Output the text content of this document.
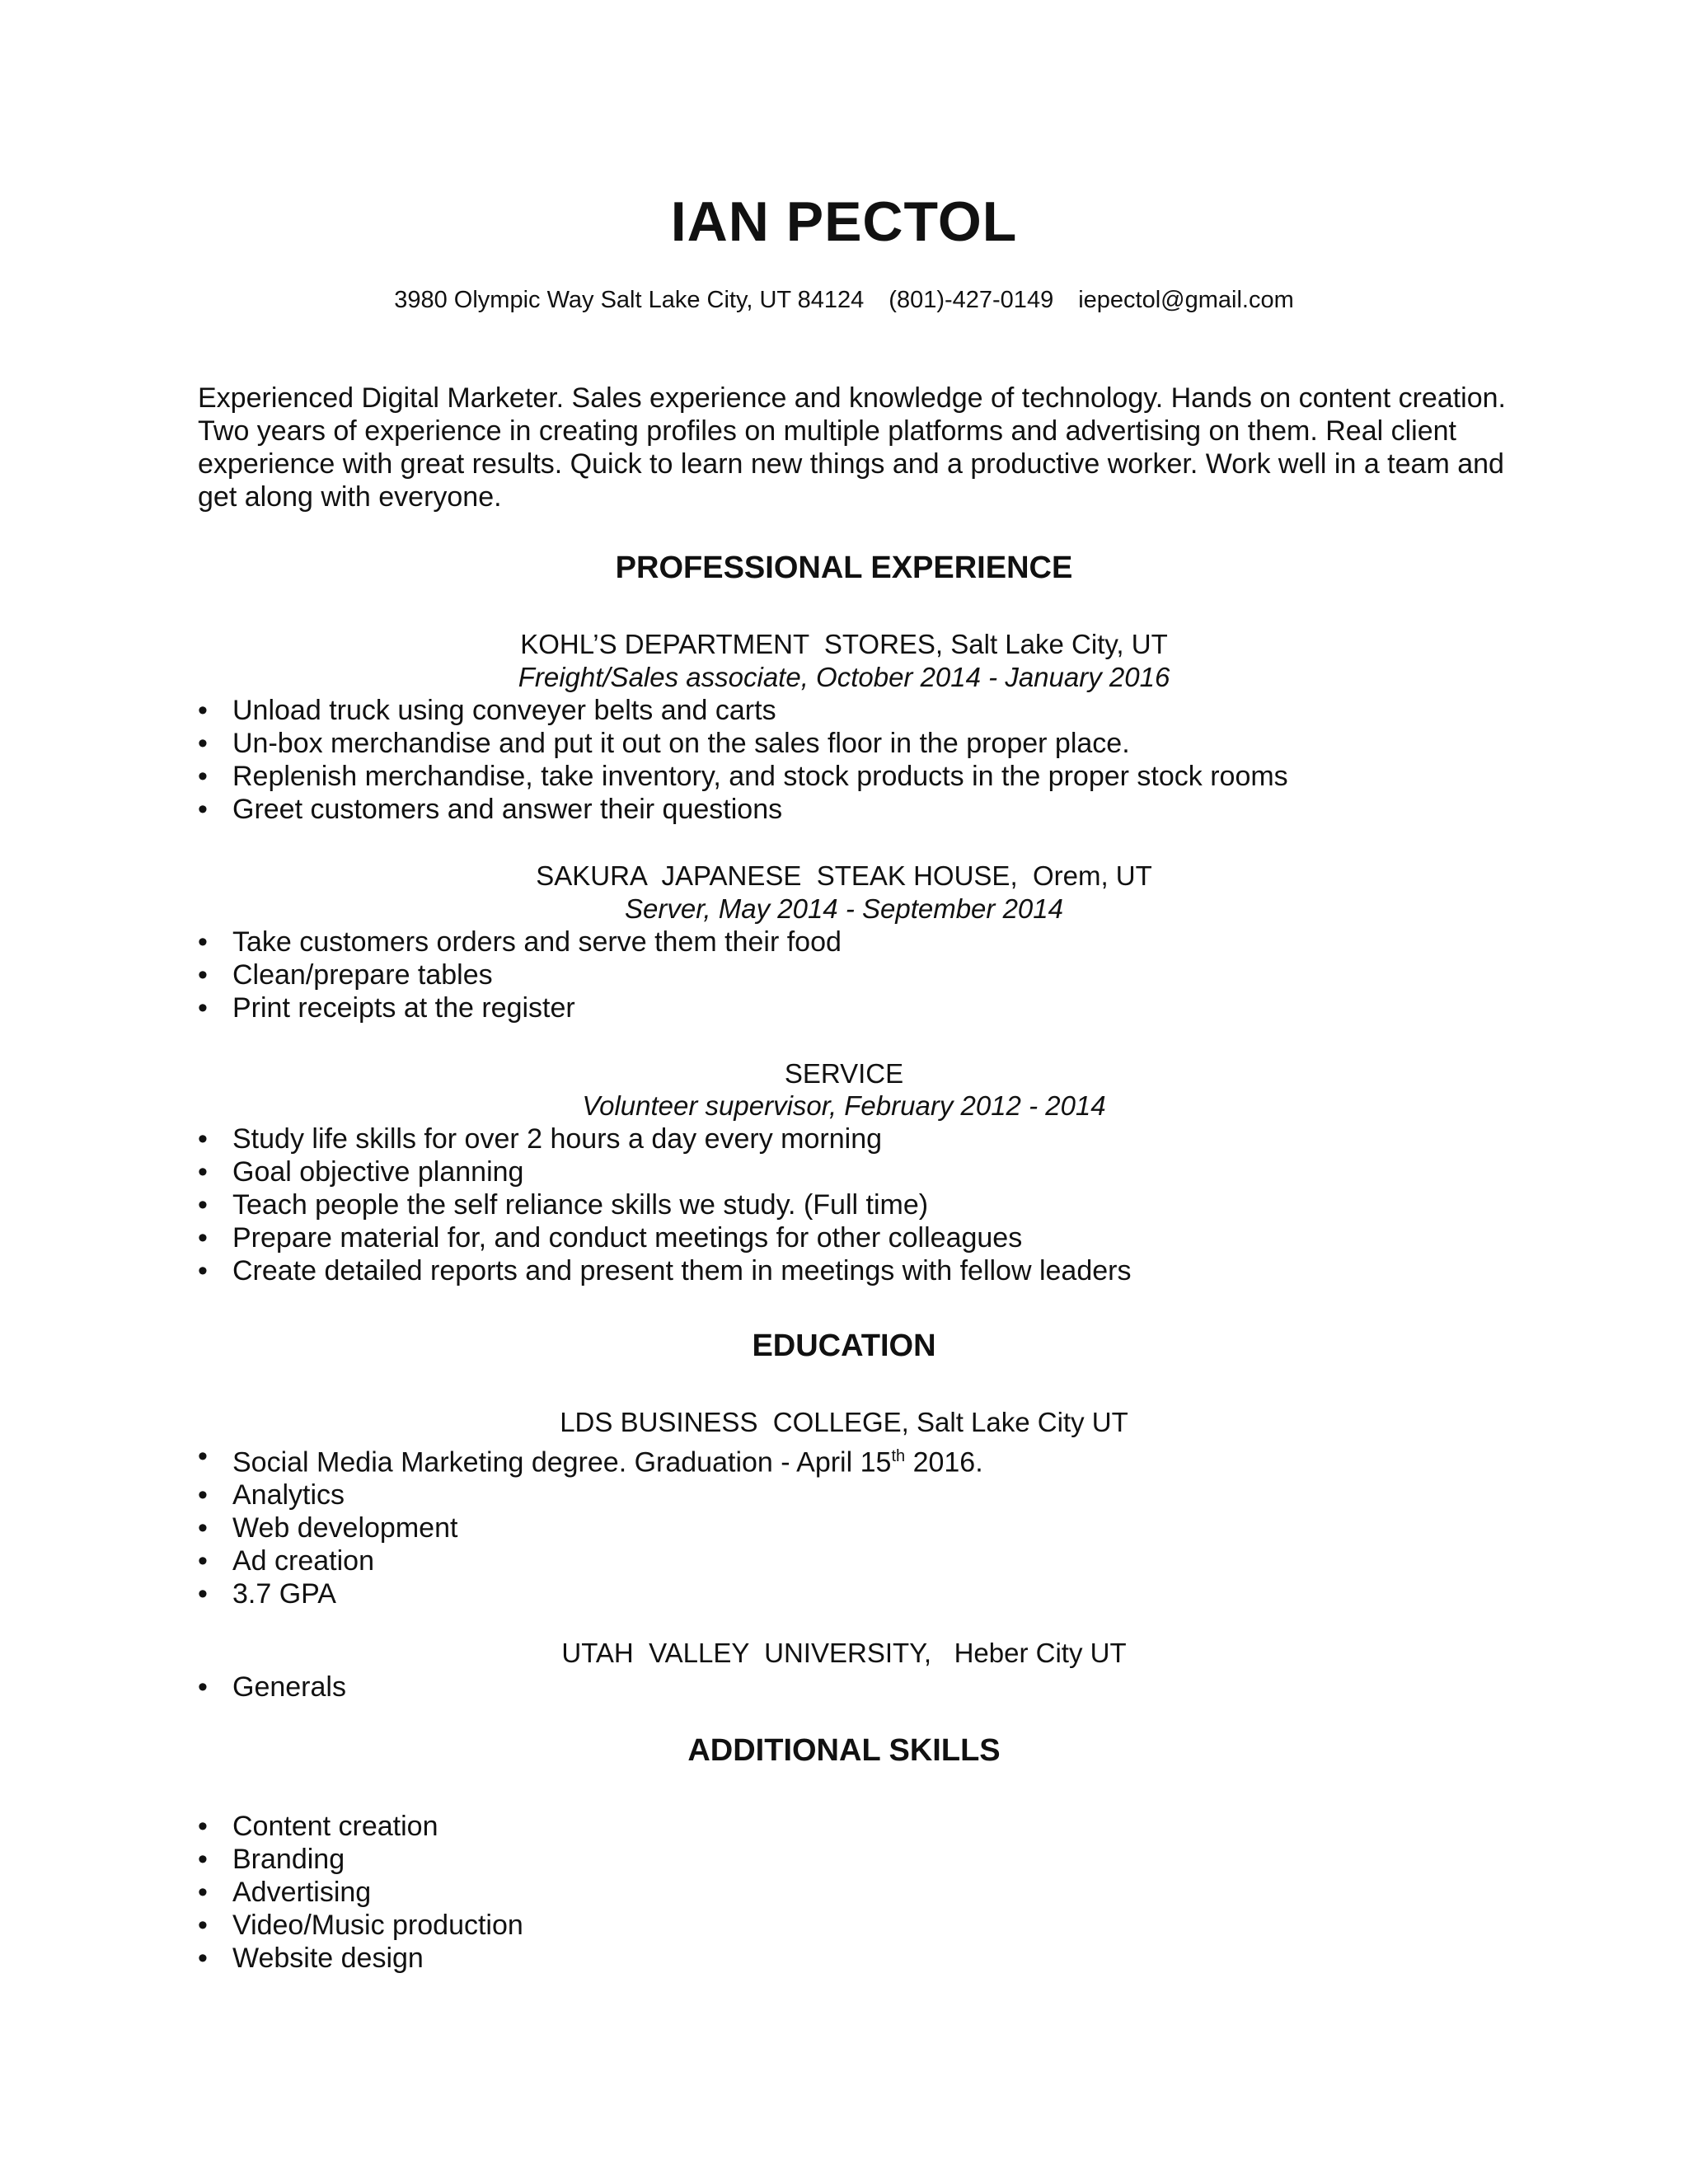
IAN PECTOL
3980 Olympic Way Salt Lake City, UT 84124 (801)-427-0149 iepectol@gmail.com
Experienced Digital Marketer. Sales experience and knowledge of technology. Hands on content creation. Two years of experience in creating profiles on multiple platforms and advertising on them. Real client experience with great results. Quick to learn new things and a productive worker. Work well in a team and get along with everyone.
PROFESSIONAL EXPERIENCE
KOHL’S DEPARTMENT  STORES, Salt Lake City, UT
Freight/Sales associate, October 2014 - January 2016
• Unload truck using conveyer belts and carts
• Un-box merchandise and put it out on the sales floor in the proper place.
• Replenish merchandise, take inventory, and stock products in the proper stock rooms
• Greet customers and answer their questions
SAKURA  JAPANESE  STEAK HOUSE,  Orem, UT
Server, May 2014 - September 2014
• Take customers orders and serve them their food
• Clean/prepare tables
• Print receipts at the register
SERVICE
Volunteer supervisor, February 2012 - 2014
• Study life skills for over 2 hours a day every morning
• Goal objective planning
• Teach people the self reliance skills we study. (Full time)
• Prepare material for, and conduct meetings for other colleagues
• Create detailed reports and present them in meetings with fellow leaders
EDUCATION
LDS BUSINESS  COLLEGE, Salt Lake City UT
• Social Media Marketing degree. Graduation - April 15th 2016.
• Analytics
• Web development
• Ad creation
• 3.7 GPA
UTAH  VALLEY  UNIVERSITY,   Heber City UT
• Generals
ADDITIONAL SKILLS
• Content creation
• Branding
• Advertising
• Video/Music production
• Website design
